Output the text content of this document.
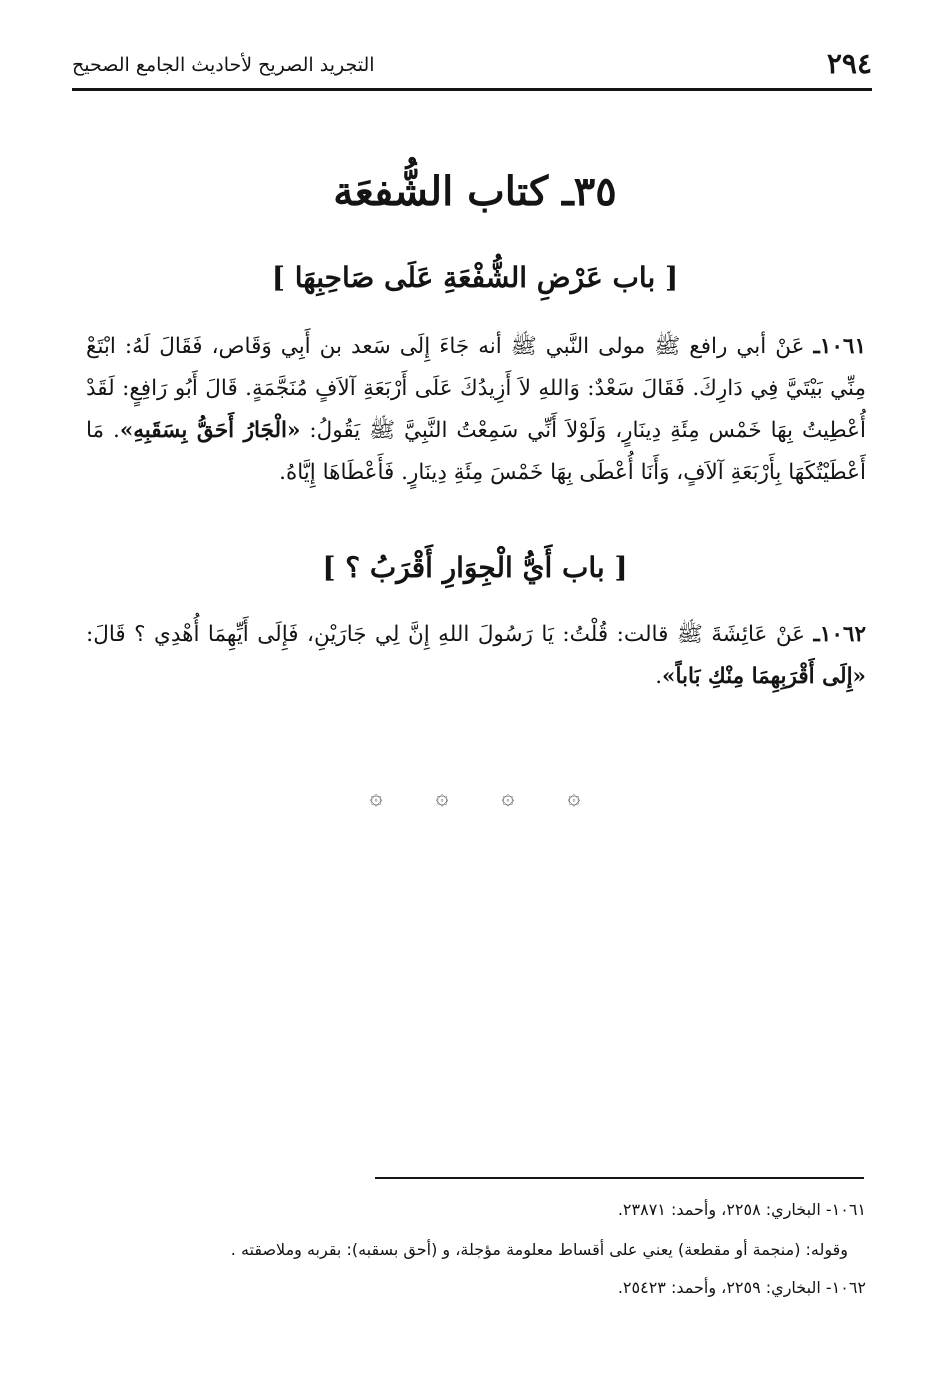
٢٩٤
التجريد الصريح لأحاديث الجامع الصحيح
٣٥ـ كتاب الشُّفعَة
[ باب عَرْضِ الشُّفْعَةِ عَلَى صَاحِبِهَا ]
١٠٦١ـ عَنْ أبي رافع ﷺ مولى النَّبي ﷺ أنه جَاءَ إِلَى سَعد بن أَبِي وَقَاص، فَقَالَ لَهُ: ابْتَعْ مِنِّي بَيْتَيَّ فِي دَارِكَ. فَقَالَ سَعْدٌ: وَاللهِ لاَ أَزِيدُكَ عَلَى أَرْبَعَةِ آلاَفٍ مُنَجَّمَةٍ. قَالَ أَبُو رَافِعٍ: لَقَدْ أُعْطِيتُ بِهَا خَمْس مِئَةِ دِينَارٍ، وَلَوْلاَ أَنِّي سَمِعْتُ النَّبِيَّ ﷺ يَقُولُ: «الْجَارُ أَحَقُّ بِسَقَبِهِ». مَا أَعْطَيْتُكَهَا بِأَرْبَعَةِ آلاَفٍ، وَأَنَا أُعْطَى بِهَا خَمْسَ مِئَةِ دِينَارٍ. فَأَعْطَاهَا إِيَّاهُ.
[ باب أَيُّ الْجِوَارِ أَقْرَبُ ؟ ]
١٠٦٢ـ عَنْ عَائِشَةَ ﷺ قالت: قُلْتُ: يَا رَسُولَ اللهِ إِنَّ لِي جَارَيْنِ، فَإِلَى أَيِّهِمَا أُهْدِي ؟ قَالَ: «إِلَى أَقْرَبِهِمَا مِنْكِ بَاباً».
۞ ۞ ۞ ۞
١٠٦١- البخاري: ٢٢٥٨، وأحمد: ٢٣٨٧١.
وقوله: (منجمة أو مقطعة) يعني على أقساط معلومة مؤجلة، و (أحق بسقبه): بقربه وملاصقته .
١٠٦٢- البخاري: ٢٢٥٩، وأحمد: ٢٥٤٢٣.
